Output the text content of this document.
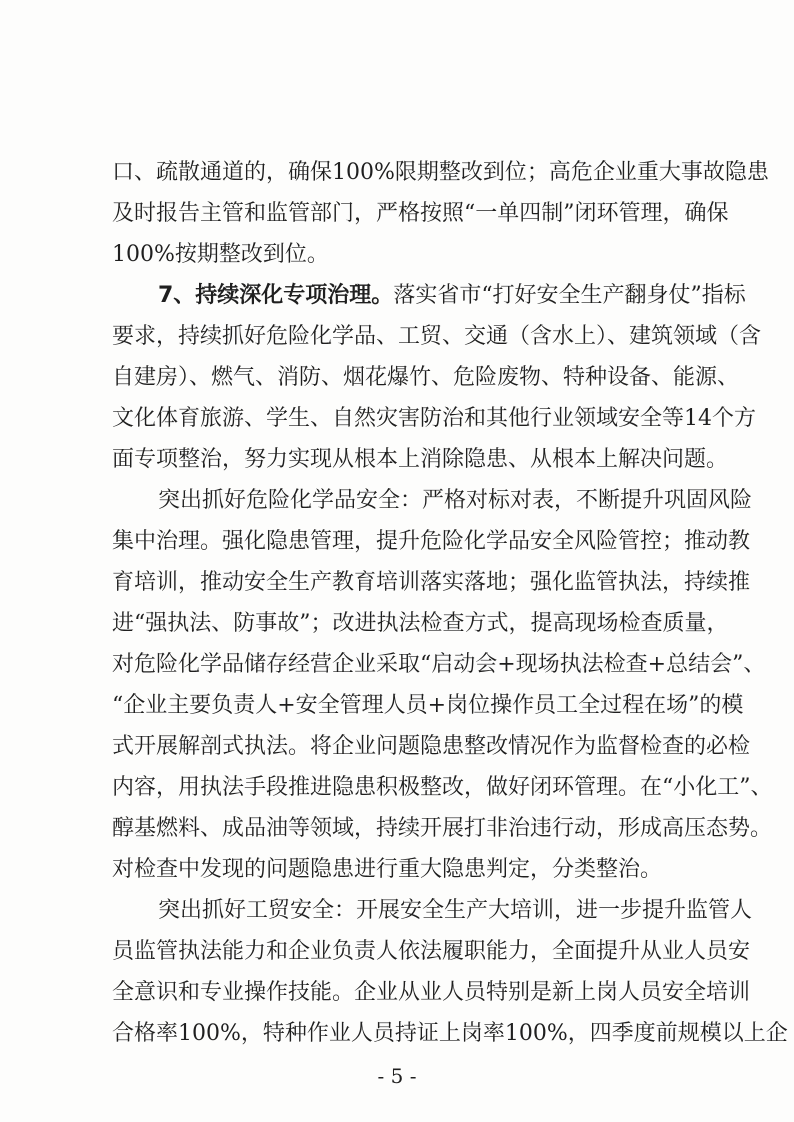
口、疏散通道的，确保100%限期整改到位；高危企业重大事故隐患
及时报告主管和监管部门，严格按照“一单四制”闭环管理，确保
100%按期整改到位。
7、持续深化专项治理。落实省市“打好安全生产翻身仗”指标
要求，持续抓好危险化学品、工贸、交通（含水上）、建筑领域（含
自建房）、燃气、消防、烟花爆竹、危险废物、特种设备、能源、
文化体育旅游、学生、自然灾害防治和其他行业领域安全等14个方
面专项整治，努力实现从根本上消除隐患、从根本上解决问题。
突出抓好危险化学品安全：严格对标对表，不断提升巩固风险
集中治理。强化隐患管理，提升危险化学品安全风险管控；推动教
育培训，推动安全生产教育培训落实落地；强化监管执法，持续推
进“强执法、防事故”；改进执法检查方式，提高现场检查质量，
对危险化学品储存经营企业采取“启动会+现场执法检查+总结会”、
“企业主要负责人+安全管理人员+岗位操作员工全过程在场”的模
式开展解剖式执法。将企业问题隐患整改情况作为监督检查的必检
内容，用执法手段推进隐患积极整改，做好闭环管理。在“小化工”、
醇基燃料、成品油等领域，持续开展打非治违行动，形成高压态势。
对检查中发现的问题隐患进行重大隐患判定，分类整治。
突出抓好工贸安全：开展安全生产大培训，进一步提升监管人
员监管执法能力和企业负责人依法履职能力，全面提升从业人员安
全意识和专业操作技能。企业从业人员特别是新上岗人员安全培训
合格率100%，特种作业人员持证上岗率100%，四季度前规模以上企
- 5 -
